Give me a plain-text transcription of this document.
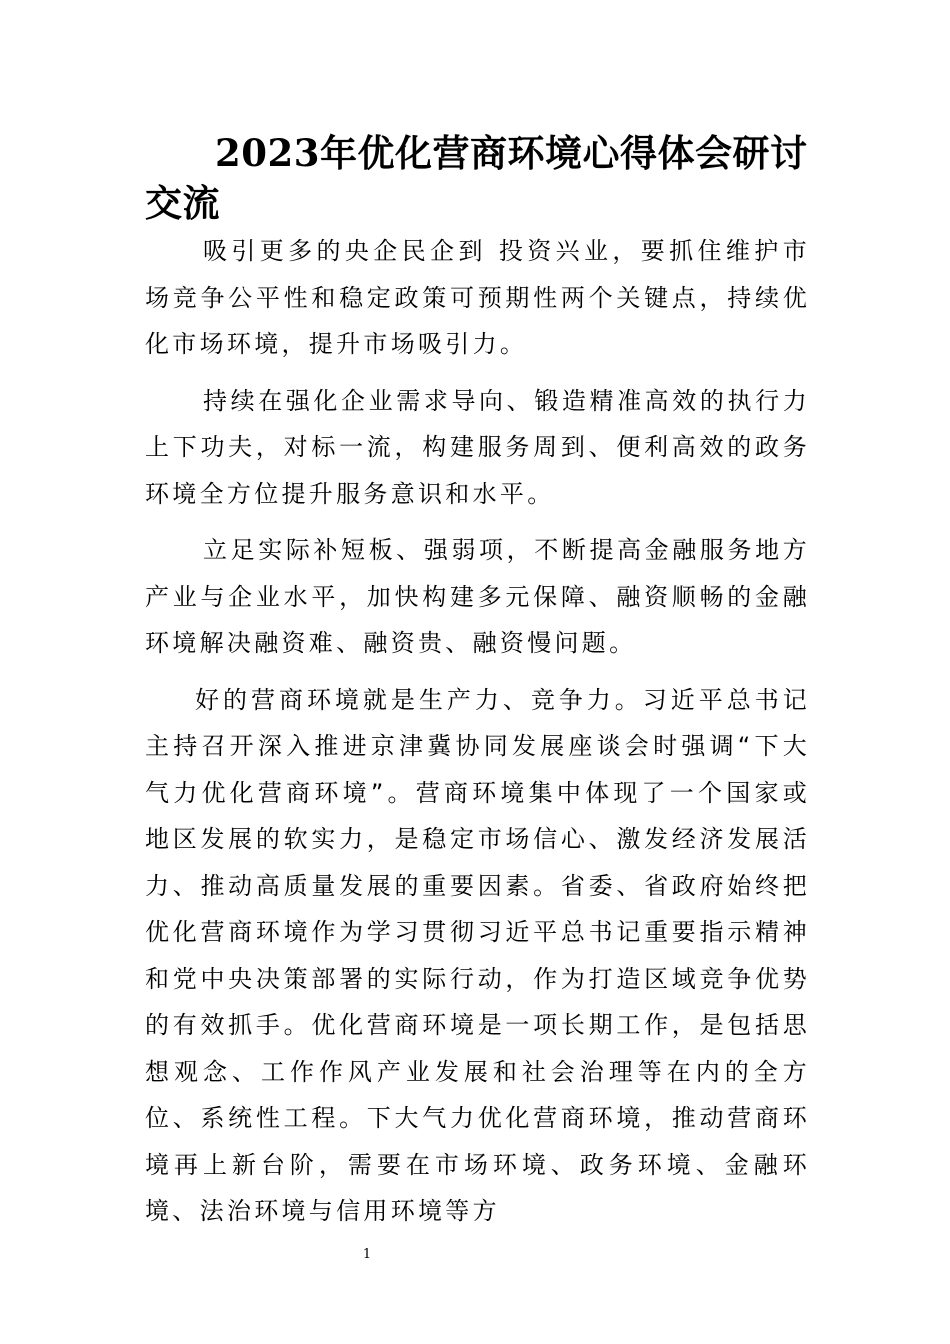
2023年优化营商环境心得体会研讨交流

吸引更多的央企民企到 投资兴业，要抓住维护市场竞争公平性和稳定政策可预期性两个关键点，持续优化市场环境，提升市场吸引力。

持续在强化企业需求导向、锻造精准高效的执行力上下功夫，对标一流，构建服务周到、便利高效的政务环境全方位提升服务意识和水平。

立足实际补短板、强弱项，不断提高金融服务地方产业与企业水平，加快构建多元保障、融资顺畅的金融环境解决融资难、融资贵、融资慢问题。

好的营商环境就是生产力、竞争力。习近平总书记主持召开深入推进京津冀协同发展座谈会时强调“下大气力优化营商环境”。营商环境集中体现了一个国家或地区发展的软实力，是稳定市场信心、激发经济发展活力、推动高质量发展的重要因素。省委、省政府始终把优化营商环境作为学习贯彻习近平总书记重要指示精神和党中央决策部署的实际行动，作为打造区域竞争优势的有效抓手。优化营商环境是一项长期工作，是包括思想观念、工作作风产业发展和社会治理等在内的全方位、系统性工程。下大气力优化营商环境，推动营商环境再上新台阶，需要在市场环境、政务环境、金融环境、法治环境与信用环境等方

1
